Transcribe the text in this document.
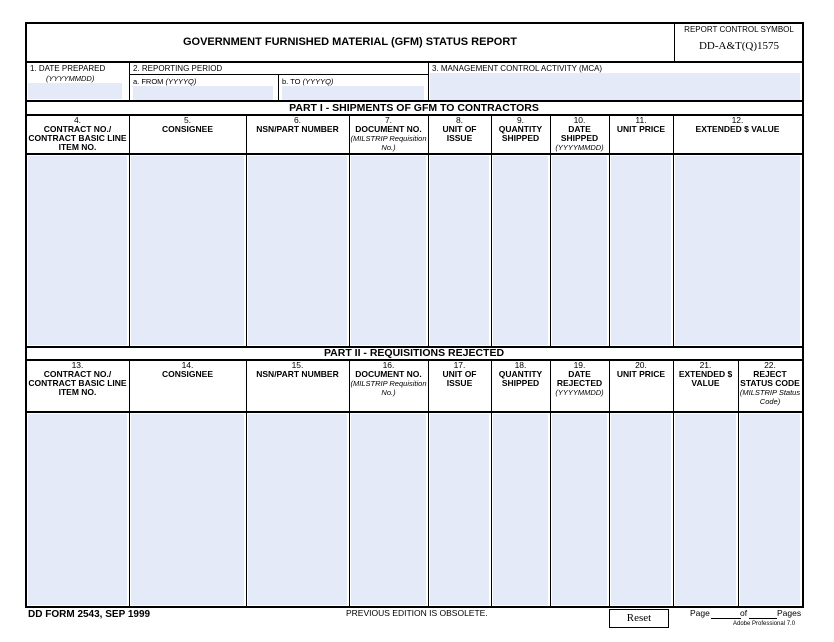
GOVERNMENT FURNISHED MATERIAL (GFM) STATUS REPORT
REPORT CONTROL SYMBOL
DD-A&T(Q)1575
1. DATE PREPARED
(YYYYMMDD)
2. REPORTING PERIOD
a. FROM (YYYYQ)	b. TO (YYYYQ)
3. MANAGEMENT CONTROL ACTIVITY (MCA)
PART I - SHIPMENTS OF GFM TO CONTRACTORS
4.
CONTRACT NO./ CONTRACT BASIC LINE ITEM NO.
5.
CONSIGNEE
6.
NSN/PART NUMBER
7.
DOCUMENT NO.
(MILSTRIP Requisition No.)
8.
UNIT OF ISSUE
9.
QUANTITY SHIPPED
10.
DATE SHIPPED
(YYYYMMDD)
11.
UNIT PRICE
12.
EXTENDED $ VALUE
PART II - REQUISITIONS REJECTED
13.
CONTRACT NO./ CONTRACT BASIC LINE ITEM NO.
14.
CONSIGNEE
15.
NSN/PART NUMBER
16.
DOCUMENT NO.
(MILSTRIP Requisition No.)
17.
UNIT OF ISSUE
18.
QUANTITY SHIPPED
19.
DATE REJECTED
(YYYYMMDD)
20.
UNIT PRICE
21.
EXTENDED $ VALUE
22.
REJECT STATUS CODE
(MILSTRIP Status Code)
DD FORM 2543, SEP 1999	PREVIOUS EDITION IS OBSOLETE.	Reset	Page	of	Pages
Adobe Professional 7.0
